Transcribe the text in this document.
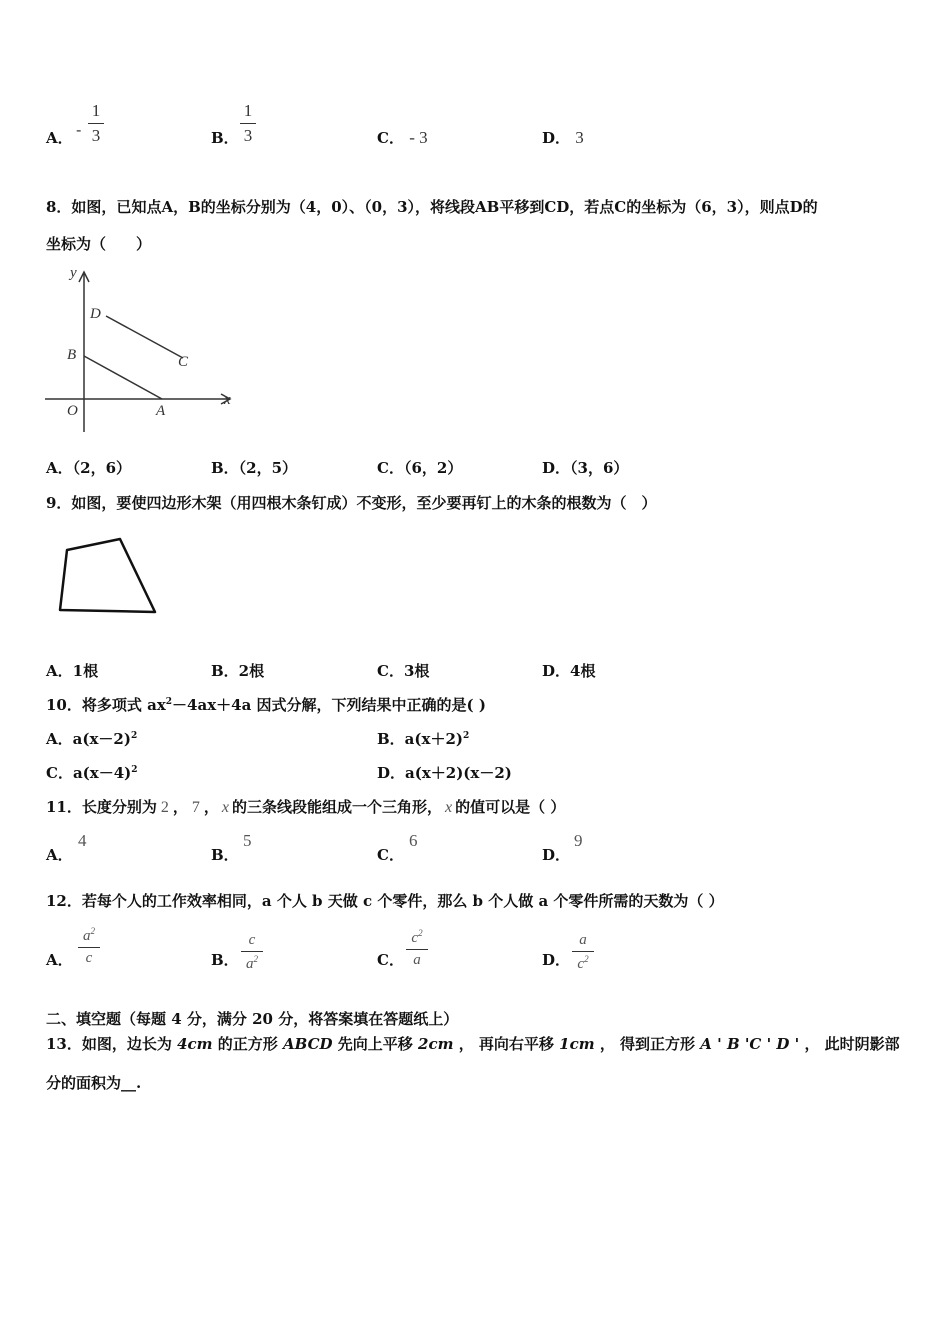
A． -
1
3	B．
1
3	C． - 3	D． 3
8．如图，已知点A，B的坐标分别为（4，0）、（0，3），将线段AB平移到CD，若点C的坐标为（6，3），则点D的
坐标为（　　）
y
x
O	A
B	C
D
A．（2，6）	B．（2，5）	C．（6，2）	D．（3，6）
9．如图，要使四边形木架（用四根木条钉成）不变形，至少要再钉上的木条的根数为（　）
A．1根	B．2根	C．3根	D．4根
10．将多项式 $ax^2-4ax+4a$ 因式分解，下列结果中正确的是( )
A．$a(x-2)^2$	B．$a(x+2)^2$
C．$a(x-4)^2$	D．a(x＋2)(x－2)
11．长度分别为 2 ， 7 ， x 的三条线段能组成一个三角形， x 的值可以是（ ）
A．
4
B．
5
C．
6
D．
9
12．若每个人的工作效率相同，a 个人 b 天做 c 个零件，那么 b 个人做 a 个零件所需的天数为（ ）
A．
$a^2$
c	B．
c
$a^2$	C．
$c^2$
a	D．
a
$c^2$
二、填空题（每题 4 分，满分 20 分，将答案填在答题纸上）
13．如图，边长为 4cm 的正方形 ABCD 先向上平移 2cm ， 再向右平移 1cm ， 得到正方形 A ' B 'C ' D ' ， 此时阴影部
分的面积为__.
